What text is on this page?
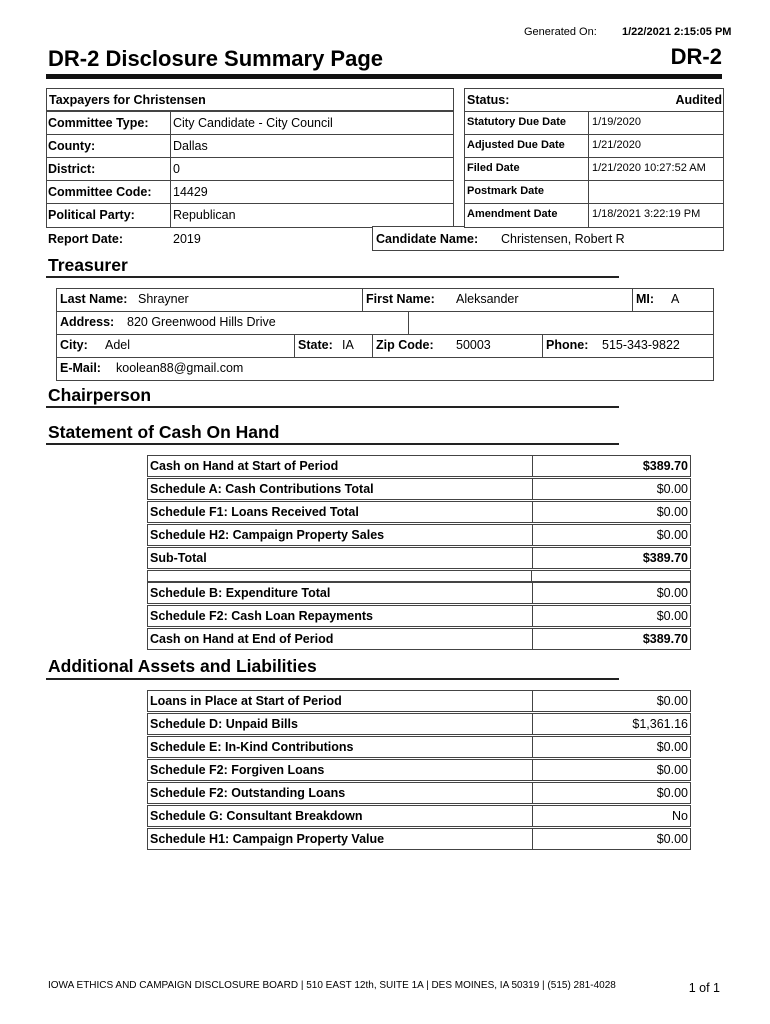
Generated On: 1/22/2021 2:15:05 PM
DR-2 Disclosure Summary Page	DR-2
Taxpayers for Christensen
Committee Type: City Candidate - City Council
County:	Dallas
District:	0
Committee Code: 14429
Political Party:	Republican
Report Date:	2019	Candidate Name: Christensen, Robert R
Status:	Audited
Statutory Due Date 1/19/2020
Adjusted Due Date 1/21/2020
Filed Date	1/21/2020 10:27:52 AM
Postmark Date
Amendment Date	1/18/2021 3:22:19 PM
Treasurer
Last Name: Shrayner	First Name: Aleksander	MI: A
Address: 820 Greenwood Hills Drive
City: Adel	State: IA Zip Code: 50003	Phone: 515-343-9822
E-Mail: koolean88@gmail.com
Chairperson
Statement of Cash On Hand
Cash on Hand at Start of Period	$389.70
Schedule A: Cash Contributions Total	$0.00
Schedule F1: Loans Received Total	$0.00
Schedule H2: Campaign Property Sales	$0.00
Sub-Total	$389.70
Schedule B: Expenditure Total	$0.00
Schedule F2: Cash Loan Repayments	$0.00
Cash on Hand at End of Period	$389.70
Additional Assets and Liabilities
Loans in Place at Start of Period	$0.00
Schedule D: Unpaid Bills	$1,361.16
Schedule E: In-Kind Contributions	$0.00
Schedule F2: Forgiven Loans	$0.00
Schedule F2: Outstanding Loans	$0.00
Schedule G: Consultant Breakdown	No
Schedule H1: Campaign Property Value	$0.00
IOWA ETHICS AND CAMPAIGN DISCLOSURE BOARD | 510 EAST 12th, SUITE 1A | DES MOINES, IA 50319 | (515) 281-4028	1 of 1
